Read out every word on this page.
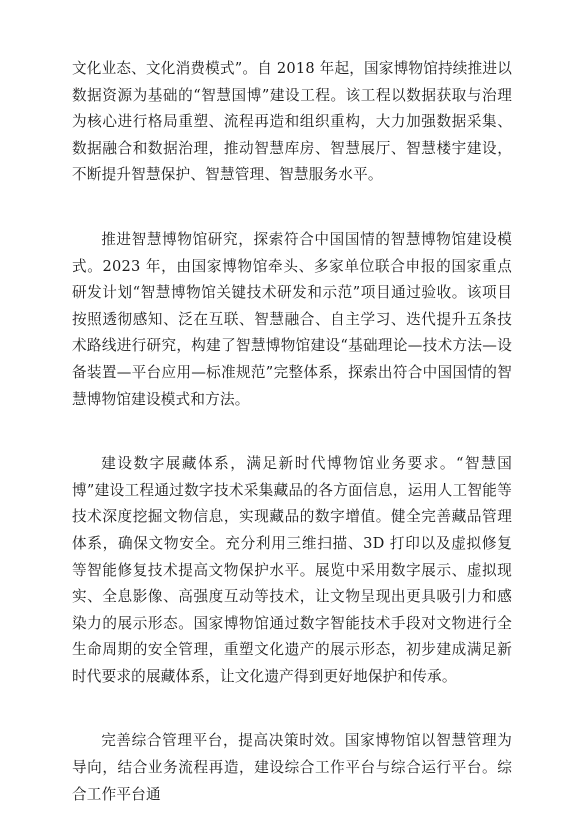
文化业态、文化消费模式”。自 2018 年起，国家博物馆持续推进以数据资源为基础的“智慧国博”建设工程。该工程以数据获取与治理为核心进行格局重塑、流程再造和组织重构，大力加强数据采集、数据融合和数据治理，推动智慧库房、智慧展厅、智慧楼宇建设，不断提升智慧保护、智慧管理、智慧服务水平。

推进智慧博物馆研究，探索符合中国国情的智慧博物馆建设模式。2023 年，由国家博物馆牵头、多家单位联合申报的国家重点研发计划“智慧博物馆关键技术研发和示范”项目通过验收。该项目按照透彻感知、泛在互联、智慧融合、自主学习、迭代提升五条技术路线进行研究，构建了智慧博物馆建设“基础理论—技术方法—设备装置—平台应用—标准规范”完整体系，探索出符合中国国情的智慧博物馆建设模式和方法。

建设数字展藏体系，满足新时代博物馆业务要求。“智慧国博”建设工程通过数字技术采集藏品的各方面信息，运用人工智能等技术深度挖掘文物信息，实现藏品的数字增值。健全完善藏品管理体系，确保文物安全。充分利用三维扫描、3D 打印以及虚拟修复等智能修复技术提高文物保护水平。展览中采用数字展示、虚拟现实、全息影像、高强度互动等技术，让文物呈现出更具吸引力和感染力的展示形态。国家博物馆通过数字智能技术手段对文物进行全生命周期的安全管理，重塑文化遗产的展示形态，初步建成满足新时代要求的展藏体系，让文化遗产得到更好地保护和传承。

完善综合管理平台，提高决策时效。国家博物馆以智慧管理为导向，结合业务流程再造，建设综合工作平台与综合运行平台。综合工作平台通
